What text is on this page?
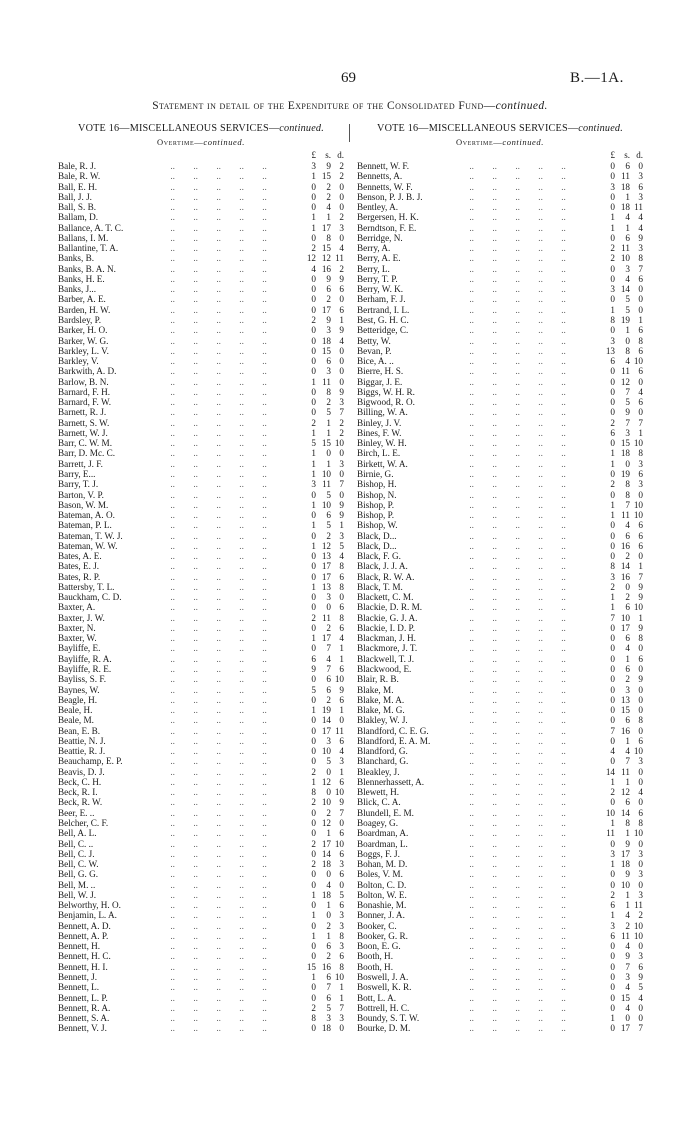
69	B.—1A.
Statement in detail of the Expenditure of the Consolidated Fund—continued.
VOTE 16—MISCELLANEOUS SERVICES—continued.
Overtime—continued.
£	s. d.
Bale, R. J.	  ..  ..  ..  ..  ..	3	9 2
Bale, R. W.	  ..  ..  ..  ..  ..	1 15 2
Ball, E. H.	  ..  ..  ..  ..  ..	0	2 0
Ball, J. J.	  ..  ..  ..  ..  ..	0	2 0
Ball, S. B.	  ..  ..  ..  ..  ..	0	4 0
Ballam, D.	  ..  ..  ..  ..  ..	1	1 2
Ballance, A. T. C.	  ..  ..  ..  ..  ..	1 17 3
Ballans, I. M.	  ..  ..  ..  ..  ..	0	8 0
Ballantine, T. A.	  ..  ..  ..  ..  ..	2 15 4
Banks, B.	  ..  ..  ..  ..  ..	12 12 11
Banks, B. A. N.	  ..  ..  ..  ..  ..	4 16 2
Banks, H. E.	  ..  ..  ..  ..  ..	0	9 9
Banks, J...	  ..  ..  ..  ..  ..	0	6 6
Barber, A. E.	  ..  ..  ..  ..  ..	0	2 0
Barden, H. W.	  ..  ..  ..  ..  ..	0 17 6
Bardsley, P.	  ..  ..  ..  ..  ..	2	9 1
Barker, H. O.	  ..  ..  ..  ..  ..	0	3 9
Barker, W. G.	  ..  ..  ..  ..  ..	0 18 4
Barkley, L. V.	  ..  ..  ..  ..  ..	0 15 0
Barkley, V.	  ..  ..  ..  ..  ..	0	6 0
Barkwith, A. D.	  ..  ..  ..  ..  ..	0	3 0
Barlow, B. N.	  ..  ..  ..  ..  ..	1 11 0
Barnard, F. H.	  ..  ..  ..  ..  ..	0	8 9
Barnard, F. W.	  ..  ..  ..  ..  ..	0	2 3
Barnett, R. J.	  ..  ..  ..  ..  ..	0	5 7
Barnett, S. W.	  ..  ..  ..  ..  ..	2	1 2
Barnett, W. J.	  ..  ..  ..  ..  ..	1	1 2
Barr, C. W. M.	  ..  ..  ..  ..  ..	5 15 10
Barr, D. Mc. C.	  ..  ..  ..  ..  ..	1	0 0
Barrett, J. F.	  ..  ..  ..  ..  ..	1	1 3
Barry, E...	  ..  ..  ..  ..  ..	1 10 0
Barry, T. J.	  ..  ..  ..  ..  ..	3 11 7
Barton, V. P.	  ..  ..  ..  ..  ..	0	5 0
Bason, W. M.	  ..  ..  ..  ..  ..	1 10 9
Bateman, A. O.	  ..  ..  ..  ..  ..	0	6 9
Bateman, P. L.	  ..  ..  ..  ..  ..	1	5 1
Bateman, T. W. J.	  ..  ..  ..  ..  ..	0	2 3
Bateman, W. W.	  ..  ..  ..  ..  ..	1 12 5
Bates, A. E.	  ..  ..  ..  ..  ..	0 13 4
Bates, E. J.	  ..  ..  ..  ..  ..	0 17 8
Bates, R. P.	  ..  ..  ..  ..  ..	0 17 6
Battersby, T. L.	  ..  ..  ..  ..  ..	1 13 8
Bauckham, C. D.	  ..  ..  ..  ..  ..	0	3 0
Baxter, A.	  ..  ..  ..  ..  ..	0	0 6
Baxter, J. W.	  ..  ..  ..  ..  ..	2 11 8
Baxter, N.	  ..  ..  ..  ..  ..	0	2 6
Baxter, W.	  ..  ..  ..  ..  ..	1 17 4
Bayliffe, E.	  ..  ..  ..  ..  ..	0	7 1
Bayliffe, R. A.	  ..  ..  ..  ..  ..	6	4 1
Bayliffe, R. E.	  ..  ..  ..  ..  ..	9	7 6
Bayliss, S. F.	  ..  ..  ..  ..  ..	0	6 10
Baynes, W.	  ..  ..  ..  ..  ..	5	6 9
Beagle, H.	  ..  ..  ..  ..  ..	0	2 6
Beale, H.	  ..  ..  ..  ..  ..	1 19 1
Beale, M.	  ..  ..  ..  ..  ..	0 14 0
Bean, E. B.	  ..  ..  ..  ..  ..	0 17 11
Beattie, N. J.	  ..  ..  ..  ..  ..	0	3 6
Beattie, R. J.	  ..  ..  ..  ..  ..	0 10 4
Beauchamp, E. P.	  ..  ..  ..  ..  ..	0	5 3
Beavis, D. J.	  ..  ..  ..  ..  ..	2	0 1
Beck, C. H.	  ..  ..  ..  ..  ..	1 12 6
Beck, R. I.	  ..  ..  ..  ..  ..	8	0 10
Beck, R. W.	  ..  ..  ..  ..  ..	2 10 9
Beer, E. ..	  ..  ..  ..  ..  ..	0	2 7
Belcher, C. F.	  ..  ..  ..  ..  ..	0 12 0
Bell, A. L.	  ..  ..  ..  ..  ..	0	1 6
Bell, C. ..	  ..  ..  ..  ..  ..	2 17 10
Bell, C. J.	  ..  ..  ..  ..  ..	0 14 6
Bell, C. W.	  ..  ..  ..  ..  ..	2 18 3
Bell, G. G.	  ..  ..  ..  ..  ..	0	0 6
Bell, M. ..	  ..  ..  ..  ..  ..	0	4 0
Bell, W. J.	  ..  ..  ..  ..  ..	1 18 5
Belworthy, H. O.	  ..  ..  ..  ..  ..	0	1 6
Benjamin, L. A.	  ..  ..  ..  ..  ..	1	0 3
Bennett, A. D.	  ..  ..  ..  ..  ..	0	2 3
Bennett, A. P.	  ..  ..  ..  ..  ..	1	1 8
Bennett, H.	  ..  ..  ..  ..  ..	0	6 3
Bennett, H. C.	  ..  ..  ..  ..  ..	0	2 6
Bennett, H. I.	  ..  ..  ..  ..  ..	15 16 8
Bennett, J.	  ..  ..  ..  ..  ..	1	6 10
Bennett, L.	  ..  ..  ..  ..  ..	0	7 1
Bennett, L. P.	  ..  ..  ..  ..  ..	0	6 1
Bennett, R. A.	  ..  ..  ..  ..  ..	2	5 7
Bennett, S. A.	  ..  ..  ..  ..  ..	8	3 3
Bennett, V. J.	  ..  ..  ..  ..  ..	0 18 0
VOTE 16—MISCELLANEOUS SERVICES—continued.
Overtime—continued.
£	s. d.
Bennett, W. F.	  ..  ..  ..  ..  ..	0	6 0
Bennetts, A.	  ..  ..  ..  ..  ..	0 11 3
Bennetts, W. F.	  ..  ..  ..  ..  ..	3 18 6
Benson, P. J. B. J.	  ..  ..  ..  ..  ..	0	1 3
Bentley, A.	  ..  ..  ..  ..  ..	0 18 11
Bergersen, H. K.	  ..  ..  ..  ..  ..	1	4 4
Berndtson, F. E.	  ..  ..  ..  ..  ..	1	1 4
Berridge, N.	  ..  ..  ..  ..  ..	0	6 9
Berry, A.	  ..  ..  ..  ..  ..	2 11 3
Berry, A. E.	  ..  ..  ..  ..  ..	2 10 8
Berry, L.	  ..  ..  ..  ..  ..	0	3 7
Berry, T. P.	  ..  ..  ..  ..  ..	0	4 6
Berry, W. K.	  ..  ..  ..  ..  ..	3 14 0
Berham, F. J.	  ..  ..  ..  ..  ..	0	5 0
Bertrand, I. L.	  ..  ..  ..  ..  ..	1	5 0
Best, G. H. C.	  ..  ..  ..  ..  ..	8 19 1
Betteridge, C.	  ..  ..  ..  ..  ..	0	1 6
Betty, W.	  ..  ..  ..  ..  ..	3	0 8
Bevan, P.	  ..  ..  ..  ..  ..	13	8 6
Bice, A. ..	  ..  ..  ..  ..  ..	6	4 10
Bierre, H. S.	  ..  ..  ..  ..  ..	0 11 6
Biggar, J. E.	  ..  ..  ..  ..  ..	0 12 0
Biggs, W. H. R.	  ..  ..  ..  ..  ..	0	7 4
Bigwood, R. O.	  ..  ..  ..  ..  ..	0	5 6
Billing, W. A.	  ..  ..  ..  ..  ..	0	9 0
Binley, J. V.	  ..  ..  ..  ..  ..	2	7 7
Bines, F. W.	  ..  ..  ..  ..  ..	6	3 1
Binley, W. H.	  ..  ..  ..  ..  ..	0 15 10
Birch, L. E.	  ..  ..  ..  ..  ..	1 18 8
Birkett, W. A.	  ..  ..  ..  ..  ..	1	0 3
Birnie, G.	  ..  ..  ..  ..  ..	0 19 6
Bishop, H.	  ..  ..  ..  ..  ..	2	8 3
Bishop, N.	  ..  ..  ..  ..  ..	0	8 0
Bishop, P.	  ..  ..  ..  ..  ..	1	7 10
Bishop, P.	  ..  ..  ..  ..  ..	1 11 10
Bishop, W.	  ..  ..  ..  ..  ..	0	4 6
Black, D...	  ..  ..  ..  ..  ..	0	6 6
Black, D...	  ..  ..  ..  ..  ..	0 16 6
Black, F. G.	  ..  ..  ..  ..  ..	0	2 0
Black, J. J. A.	  ..  ..  ..  ..  ..	8 14 1
Black, R. W. A.	  ..  ..  ..  ..  ..	3 16 7
Black, T. M.	  ..  ..  ..  ..  ..	2	0 9
Blackett, C. M.	  ..  ..  ..  ..  ..	1	2 9
Blackie, D. R. M.	  ..  ..  ..  ..  ..	1	6 10
Blackie, G. J. A.	  ..  ..  ..  ..  ..	7 10 1
Blackie, I. D. P.	  ..  ..  ..  ..  ..	0 17 9
Blackman, J. H.	  ..  ..  ..  ..  ..	0	6 8
Blackmore, J. T.	  ..  ..  ..  ..  ..	0	4 0
Blackwell, T. J.	  ..  ..  ..  ..  ..	0	1 6
Blackwood, E.	  ..  ..  ..  ..  ..	0	6 0
Blair, R. B.	  ..  ..  ..  ..  ..	0	2 9
Blake, M.	  ..  ..  ..  ..  ..	0	3 0
Blake, M. A.	  ..  ..  ..  ..  ..	0 13 0
Blake, M. G.	  ..  ..  ..  ..  ..	0 15 0
Blakley, W. J.	  ..  ..  ..  ..  ..	0	6 8
Blandford, C. E. G.   ..  ..  ..  ..  ..	7 16 0
Blandford, E. A. M.   ..  ..  ..  ..  ..	0	1 6
Blandford, G.	  ..  ..  ..  ..  ..	4	4 10
Blanchard, G.	  ..  ..  ..  ..  ..	0	7 3
Bleakley, J.	  ..  ..  ..  ..  ..	14 11 0
Blennerhassett, A.	  ..  ..  ..  ..  ..	1	1 0
Blewett, H.	  ..  ..  ..  ..  ..	2 12 4
Blick, C. A.	  ..  ..  ..  ..  ..	0	6 0
Blundell, E. M.	  ..  ..  ..  ..  ..	10 14 6
Boagey, G.	  ..  ..  ..  ..  ..	1	8 8
Boardman, A.	  ..  ..  ..  ..  ..	11	1 10
Boardman, L.	  ..  ..  ..  ..  ..	0	9 0
Boggs, F. J.	  ..  ..  ..  ..  ..	3 17 3
Bohan, M. D.	  ..  ..  ..  ..  ..	1 18 0
Boles, V. M.	  ..  ..  ..  ..  ..	0	9 3
Bolton, C. D.	  ..  ..  ..  ..  ..	0 10 0
Bolton, W. E.	  ..  ..  ..  ..  ..	2	1 3
Bonashie, M.	  ..  ..  ..  ..  ..	6	1 11
Bonner, J. A.	  ..  ..  ..  ..  ..	1	4 2
Booker, C.	  ..  ..  ..  ..  ..	3	2 10
Booker, G. R.	  ..  ..  ..  ..  ..	6 11 10
Boon, E. G.	  ..  ..  ..  ..  ..	0	4 0
Booth, H.	  ..  ..  ..  ..  ..	0	9 3
Booth, H.	  ..  ..  ..  ..  ..	0	7 6
Boswell, J. A.	  ..  ..  ..  ..  ..	0	3 9
Boswell, K. R.	  ..  ..  ..  ..  ..	0	4 5
Bott, L. A.	  ..  ..  ..  ..  ..	0 15 4
Bottrell, H. C.	  ..  ..  ..  ..  ..	0	4 0
Boundy, S. T. W.	  ..  ..  ..  ..  ..	1	0 0
Bourke, D. M.	  ..  ..  ..  ..  ..	0 17 7
